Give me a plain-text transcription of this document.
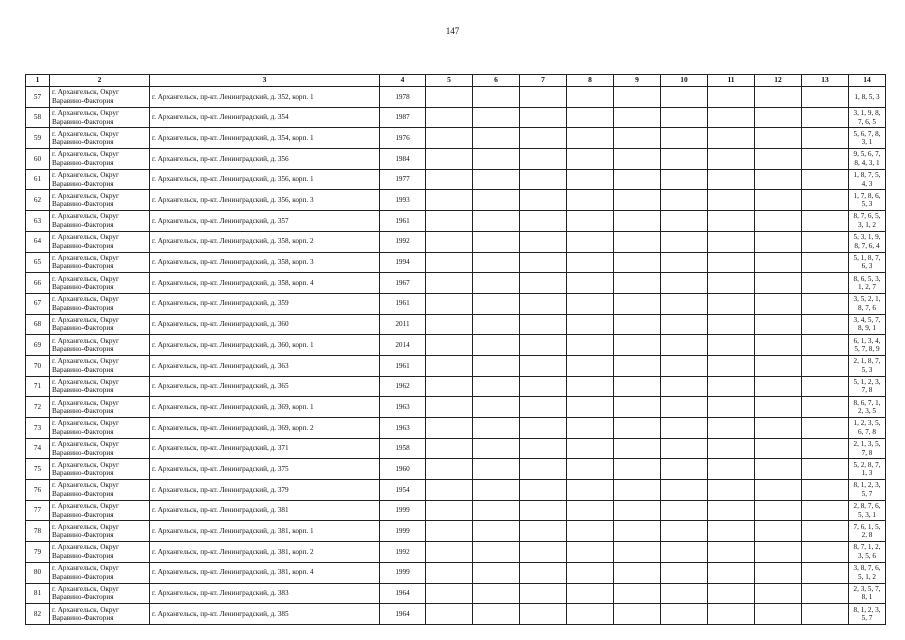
147
1	2	3	4	5	6	7	8	9	10	11	12	13	14
57	г. Архангельск, Округ Варавино-Фактория	г. Архангельск, пр-кт. Ленинградский, д. 352, корп. 1	1978										1, 8, 5, 3
58	г. Архангельск, Округ Варавино-Фактория	г. Архангельск, пр-кт. Ленинградский, д. 354	1987										3, 1, 9, 8, 7, 6, 5
59	г. Архангельск, Округ Варавино-Фактория	г. Архангельск, пр-кт. Ленинградский, д. 354, корп. 1	1976										5, 6, 7, 8, 3, 1
60	г. Архангельск, Округ Варавино-Фактория	г. Архангельск, пр-кт. Ленинградский, д. 356	1984										9, 5, 6, 7, 8, 4, 3, 1
61	г. Архангельск, Округ Варавино-Фактория	г. Архангельск, пр-кт. Ленинградский, д. 356, корп. 1	1977										1, 8, 7, 5, 4, 3
62	г. Архангельск, Округ Варавино-Фактория	г. Архангельск, пр-кт. Ленинградский, д. 356, корп. 3	1993										1, 7, 8, 6, 5, 3
63	г. Архангельск, Округ Варавино-Фактория	г. Архангельск, пр-кт. Ленинградский, д. 357	1961										8, 7, 6, 5, 3, 1, 2
64	г. Архангельск, Округ Варавино-Фактория	г. Архангельск, пр-кт. Ленинградский, д. 358, корп. 2	1992										5, 3, 1, 9, 8, 7, 6, 4
65	г. Архангельск, Округ Варавино-Фактория	г. Архангельск, пр-кт. Ленинградский, д. 358, корп. 3	1994										5, 1, 8, 7, 6, 3
66	г. Архангельск, Округ Варавино-Фактория	г. Архангельск, пр-кт. Ленинградский, д. 358, корп. 4	1967										8, 6, 5, 3, 1, 2, 7
67	г. Архангельск, Округ Варавино-Фактория	г. Архангельск, пр-кт. Ленинградский, д. 359	1961										3, 5, 2, 1, 8, 7, 6
68	г. Архангельск, Округ Варавино-Фактория	г. Архангельск, пр-кт. Ленинградский, д. 360	2011										3, 4, 5, 7, 8, 9, 1
69	г. Архангельск, Округ Варавино-Фактория	г. Архангельск, пр-кт. Ленинградский, д. 360, корп. 1	2014										6, 1, 3, 4, 5, 7, 8, 9
70	г. Архангельск, Округ Варавино-Фактория	г. Архангельск, пр-кт. Ленинградский, д. 363	1961										2, 1, 8, 7, 5, 3
71	г. Архангельск, Округ Варавино-Фактория	г. Архангельск, пр-кт. Ленинградский, д. 365	1962										5, 1, 2, 3, 7, 8
72	г. Архангельск, Округ Варавино-Фактория	г. Архангельск, пр-кт. Ленинградский, д. 369, корп. 1	1963										8, 6, 7, 1, 2, 3, 5
73	г. Архангельск, Округ Варавино-Фактория	г. Архангельск, пр-кт. Ленинградский, д. 369, корп. 2	1963										1, 2, 3, 5, 6, 7, 8
74	г. Архангельск, Округ Варавино-Фактория	г. Архангельск, пр-кт. Ленинградский, д. 371	1958										2, 1, 3, 5, 7, 8
75	г. Архангельск, Округ Варавино-Фактория	г. Архангельск, пр-кт. Ленинградский, д. 375	1960										5, 2, 8, 7, 1, 3
76	г. Архангельск, Округ Варавино-Фактория	г. Архангельск, пр-кт. Ленинградский, д. 379	1954										8, 1, 2, 3, 5, 7
77	г. Архангельск, Округ Варавино-Фактория	г. Архангельск, пр-кт. Ленинградский, д. 381	1999										2, 8, 7, 6, 5, 3, 1
78	г. Архангельск, Округ Варавино-Фактория	г. Архангельск, пр-кт. Ленинградский, д. 381, корп. 1	1999										7, 6, 1, 5, 2, 8
79	г. Архангельск, Округ Варавино-Фактория	г. Архангельск, пр-кт. Ленинградский, д. 381, корп. 2	1992										8, 7, 1, 2, 3, 5, 6
80	г. Архангельск, Округ Варавино-Фактория	г. Архангельск, пр-кт. Ленинградский, д. 381, корп. 4	1999										3, 8, 7, 6, 5, 1, 2
81	г. Архангельск, Округ Варавино-Фактория	г. Архангельск, пр-кт. Ленинградский, д. 383	1964										2, 3, 5, 7, 8, 1
82	г. Архангельск, Округ Варавино-Фактория	г. Архангельск, пр-кт. Ленинградский, д. 385	1964										8, 1, 2, 3, 5, 7
